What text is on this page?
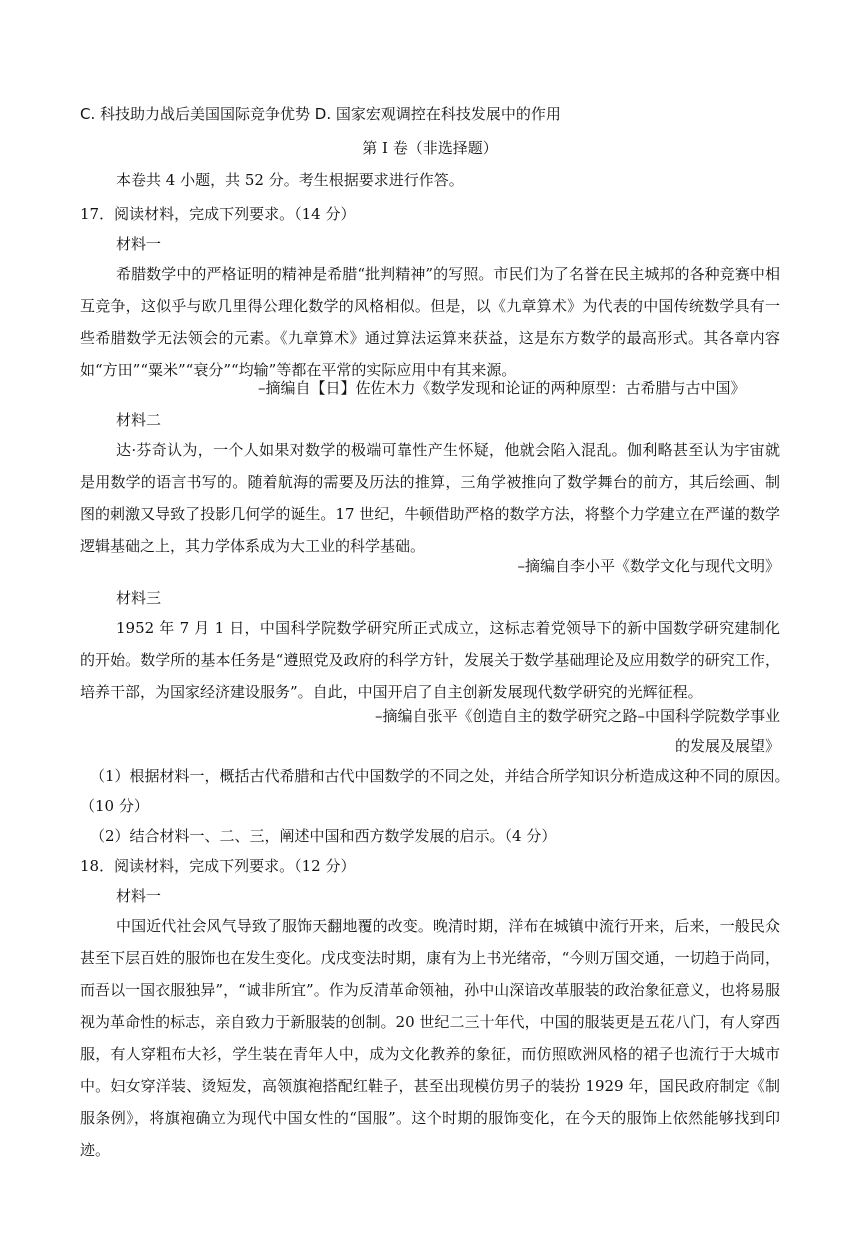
C. 科技助力战后美国国际竞争优势 D. 国家宏观调控在科技发展中的作用
第 I 卷（非选择题）
本卷共 4 小题，共 52 分。考生根据要求进行作答。
17．阅读材料，完成下列要求。（14 分）
材料一
希腊数学中的严格证明的精神是希腊“批判精神”的写照。市民们为了名誉在民主城邦的各种竞赛中相互竞争，这似乎与欧几里得公理化数学的风格相似。但是，以《九章算术》为代表的中国传统数学具有一些希腊数学无法领会的元素。《九章算术》通过算法运算来获益，这是东方数学的最高形式。其各章内容如“方田”“粟米”“衰分”“均输”等都在平常的实际应用中有其来源。
–摘编自【日】佐佐木力《数学发现和论证的两种原型：古希腊与古中国》
材料二
达·芬奇认为，一个人如果对数学的极端可靠性产生怀疑，他就会陷入混乱。伽利略甚至认为宇宙就是用数学的语言书写的。随着航海的需要及历法的推算，三角学被推向了数学舞台的前方，其后绘画、制图的刺激又导致了投影几何学的诞生。17 世纪，牛顿借助严格的数学方法，将整个力学建立在严谨的数学逻辑基础之上，其力学体系成为大工业的科学基础。
–摘编自李小平《数学文化与现代文明》
材料三
1952 年 7 月 1 日，中国科学院数学研究所正式成立，这标志着党领导下的新中国数学研究建制化的开始。数学所的基本任务是“遵照党及政府的科学方针，发展关于数学基础理论及应用数学的研究工作，培养干部，为国家经济建设服务”。自此，中国开启了自主创新发展现代数学研究的光辉征程。
–摘编自张平《创造自主的数学研究之路–中国科学院数学事业
的发展及展望》
（1）根据材料一，概括古代希腊和古代中国数学的不同之处，并结合所学知识分析造成这种不同的原因。
（10 分）
（2）结合材料一、二、三，阐述中国和西方数学发展的启示。（4 分）
18．阅读材料，完成下列要求。（12 分）
材料一
中国近代社会风气导致了服饰天翻地覆的改变。晚清时期，洋布在城镇中流行开来，后来，一般民众甚至下层百姓的服饰也在发生变化。戊戌变法时期，康有为上书光绪帝，“今则万国交通，一切趋于尚同，而吾以一国衣服独异”，“诚非所宜”。作为反清革命领袖，孙中山深谙改革服装的政治象征意义，也将易服视为革命性的标志，亲自致力于新服装的创制。20 世纪二三十年代，中国的服装更是五花八门，有人穿西服，有人穿粗布大衫，学生装在青年人中，成为文化教养的象征，而仿照欧洲风格的裙子也流行于大城市中。妇女穿洋装、烫短发，高领旗袍搭配红鞋子，甚至出现模仿男子的装扮 1929 年，国民政府制定《制服条例》，将旗袍确立为现代中国女性的“国服”。这个时期的服饰变化，在今天的服饰上依然能够找到印迹。
